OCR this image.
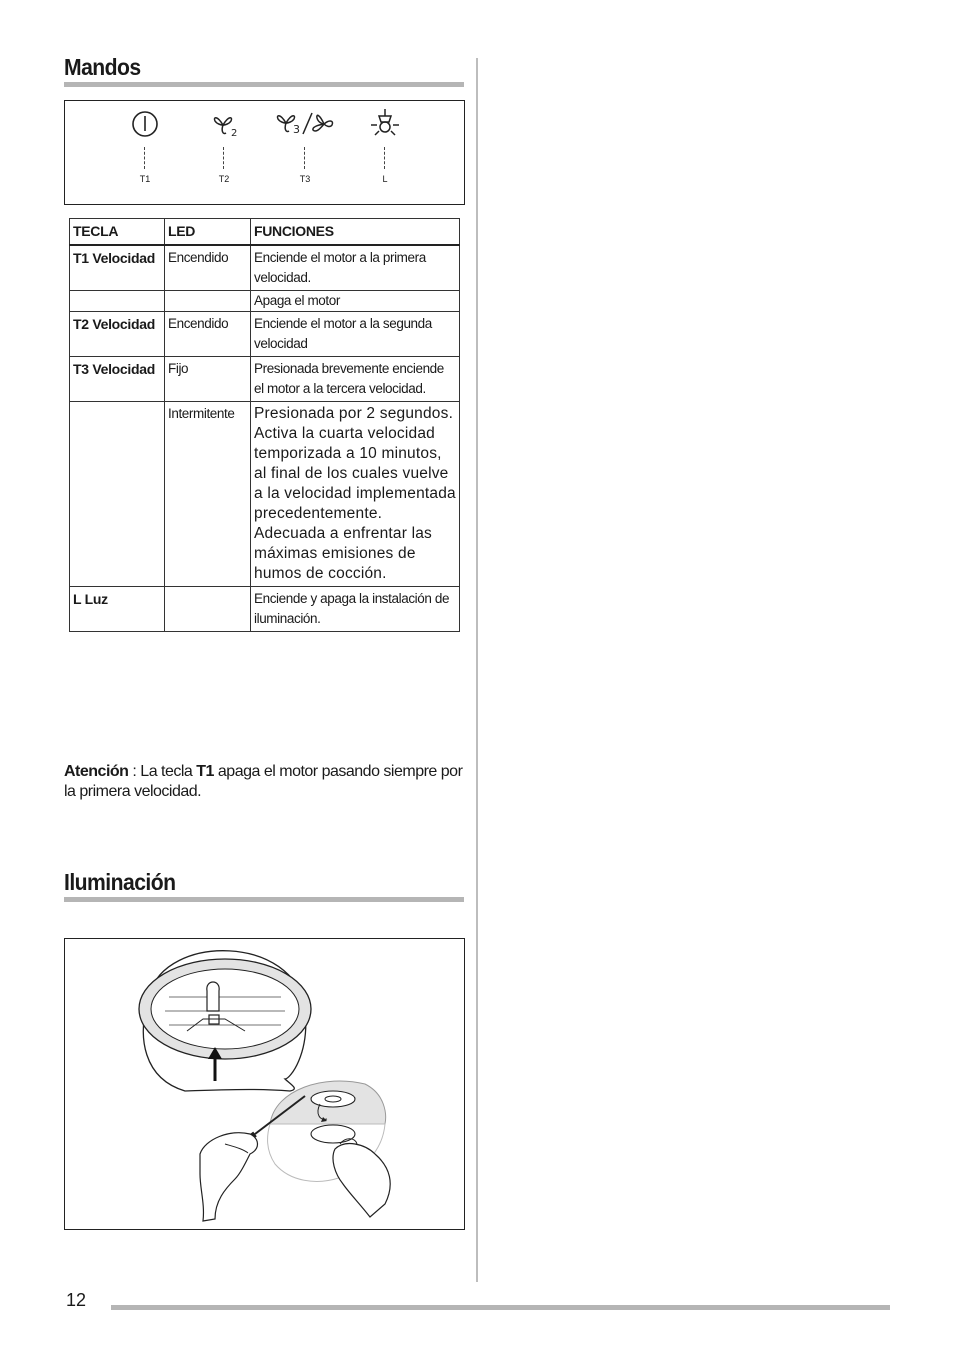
Mandos
T1
2
T2
3
T3	L
TECLA	LED	FUNCIONES
T1 Velocidad	Encendido	Enciende el motor a la primera velocidad.
		Apaga el motor
T2 Velocidad	Encendido	Enciende el motor a la segunda velocidad
T3 Velocidad	Fijo	Presionada brevemente enciende el motor a la tercera velocidad.
	Intermitente	Presionada por 2 segundos. Activa la cuarta velocidad temporizada a 10 minutos, al final de los cuales vuelve a la velocidad implementada precedentemente. Adecuada a enfrentar las máximas emisiones de humos de cocción.
L Luz		Enciende y apaga la instalación de iluminación.
Atención : La tecla T1 apaga el motor pasando siempre por la primera velocidad.
Iluminación
12
